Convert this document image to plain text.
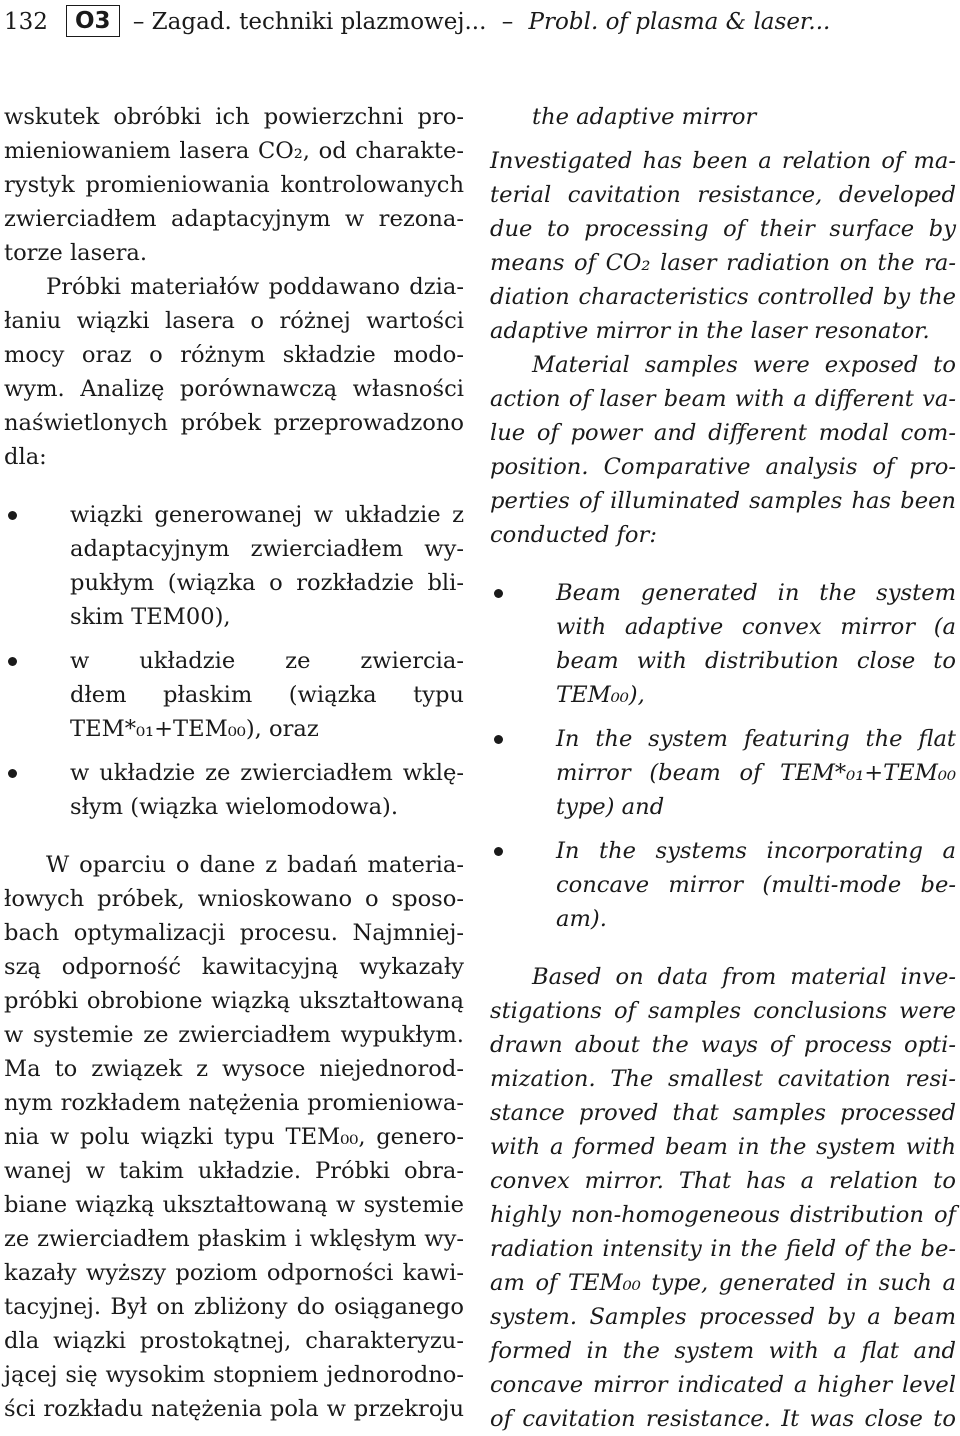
132 O3 – Zagad. techniki plazmowej... – Probl. of plasma & laser...
wskutek obróbki ich powierzchni pro-
mieniowaniem lasera CO₂, od charakte-
rystyk promieniowania kontrolowanych
zwierciadłem adaptacyjnym w rezona-
torze lasera.
Próbki materiałów poddawano dzia-
łaniu wiązki lasera o różnej wartości
mocy oraz o różnym składzie modo-
wym. Analizę porównawczą własności
naświetlonych próbek przeprowadzono
dla:
wiązki generowanej w układzie z
adaptacyjnym zwierciadłem wy-
pukłym (wiązka o rozkładzie bli-
skim TEM00),
w układzie ze zwiercia-
dłem płaskim (wiązka typu
TEM*₀₁+TEM₀₀), oraz
w układzie ze zwierciadłem wklę-
słym (wiązka wielomodowa).
W oparciu o dane z badań materia-
łowych próbek, wnioskowano o sposo-
bach optymalizacji procesu. Najmniej-
szą odporność kawitacyjną wykazały
próbki obrobione wiązką ukształtowaną
w systemie ze zwierciadłem wypukłym.
Ma to związek z wysoce niejednorod-
nym rozkładem natężenia promieniowa-
nia w polu wiązki typu TEM₀₀, genero-
wanej w takim układzie. Próbki obra-
biane wiązką ukształtowaną w systemie
ze zwierciadłem płaskim i wklęsłym wy-
kazały wyższy poziom odporności kawi-
tacyjnej. Był on zbliżony do osiąganego
dla wiązki prostokątnej, charakteryzu-
jącej się wysokim stopniem jednorodno-
ści rozkładu natężenia pola w przekroju
the adaptive mirror
Investigated has been a relation of ma-
terial cavitation resistance, developed
due to processing of their surface by
means of CO₂ laser radiation on the ra-
diation characteristics controlled by the
adaptive mirror in the laser resonator.
Material samples were exposed to
action of laser beam with a different va-
lue of power and different modal com-
position. Comparative analysis of pro-
perties of illuminated samples has been
conducted for:
Beam generated in the system
with adaptive convex mirror (a
beam with distribution close to
TEM₀₀),
In the system featuring the flat
mirror (beam of TEM*₀₁+TEM₀₀
type) and
In the systems incorporating a
concave mirror (multi-mode be-
am).
Based on data from material inve-
stigations of samples conclusions were
drawn about the ways of process opti-
mization. The smallest cavitation resi-
stance proved that samples processed
with a formed beam in the system with
convex mirror. That has a relation to
highly non-homogeneous distribution of
radiation intensity in the field of the be-
am of TEM₀₀ type, generated in such a
system. Samples processed by a beam
formed in the system with a flat and
concave mirror indicated a higher level
of cavitation resistance. It was close to
